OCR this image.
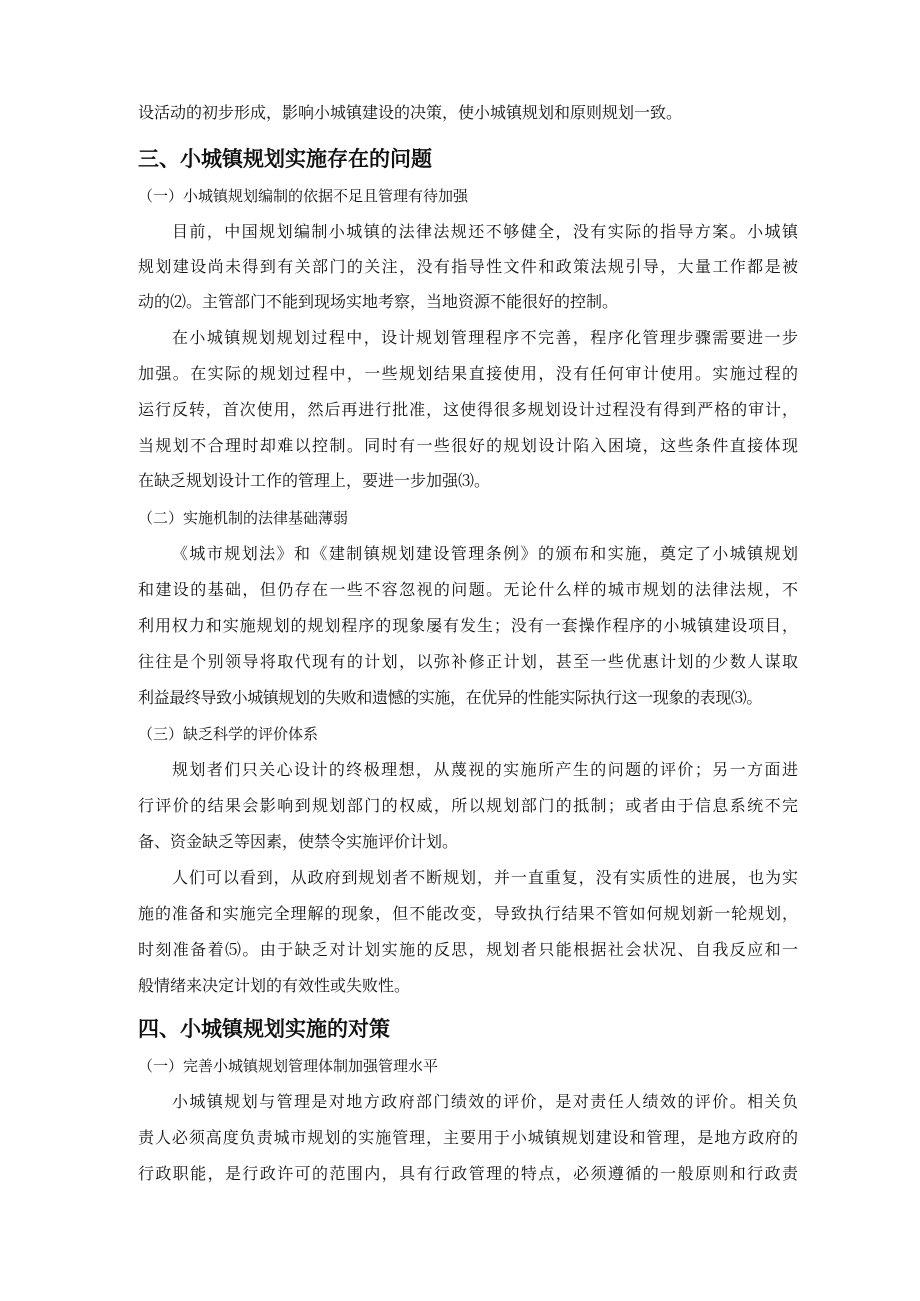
设活动的初步形成，影响小城镇建设的决策，使小城镇规划和原则规划一致。
三、小城镇规划实施存在的问题
（一）小城镇规划编制的依据不足且管理有待加强
目前，中国规划编制小城镇的法律法规还不够健全，没有实际的指导方案。小城镇
规划建设尚未得到有关部门的关注，没有指导性文件和政策法规引导，大量工作都是被
动的⑵。主管部门不能到现场实地考察，当地资源不能很好的控制。
在小城镇规划规划过程中，设计规划管理程序不完善，程序化管理步骤需要进一步
加强。在实际的规划过程中，一些规划结果直接使用，没有任何审计使用。实施过程的
运行反转，首次使用，然后再进行批准，这使得很多规划设计过程没有得到严格的审计，
当规划不合理时却难以控制。同时有一些很好的规划设计陷入困境，这些条件直接体现
在缺乏规划设计工作的管理上，要进一步加强⑶。
（二）实施机制的法律基础薄弱
《城市规划法》和《建制镇规划建设管理条例》的颁布和实施，奠定了小城镇规划
和建设的基础，但仍存在一些不容忽视的问题。无论什么样的城市规划的法律法规，不
利用权力和实施规划的规划程序的现象屡有发生；没有一套操作程序的小城镇建设项目，
往往是个别领导将取代现有的计划，以弥补修正计划，甚至一些优惠计划的少数人谋取
利益最终导致小城镇规划的失败和遗憾的实施，在优异的性能实际执行这一现象的表现⑶。
（三）缺乏科学的评价体系
规划者们只关心设计的终极理想，从蔑视的实施所产生的问题的评价；另一方面进
行评价的结果会影响到规划部门的权威，所以规划部门的抵制；或者由于信息系统不完
备、资金缺乏等因素，使禁令实施评价计划。
人们可以看到，从政府到规划者不断规划，并一直重复，没有实质性的进展，也为实
施的准备和实施完全理解的现象，但不能改变，导致执行结果不管如何规划新一轮规划，
时刻准备着⑸。由于缺乏对计划实施的反思，规划者只能根据社会状况、自我反应和一
般情绪来决定计划的有效性或失败性。
四、小城镇规划实施的对策
（一）完善小城镇规划管理体制加强管理水平
小城镇规划与管理是对地方政府部门绩效的评价，是对责任人绩效的评价。相关负
责人必须高度负责城市规划的实施管理，主要用于小城镇规划建设和管理，是地方政府的
行政职能，是行政许可的范围内，具有行政管理的特点，必须遵循的一般原则和行政责
